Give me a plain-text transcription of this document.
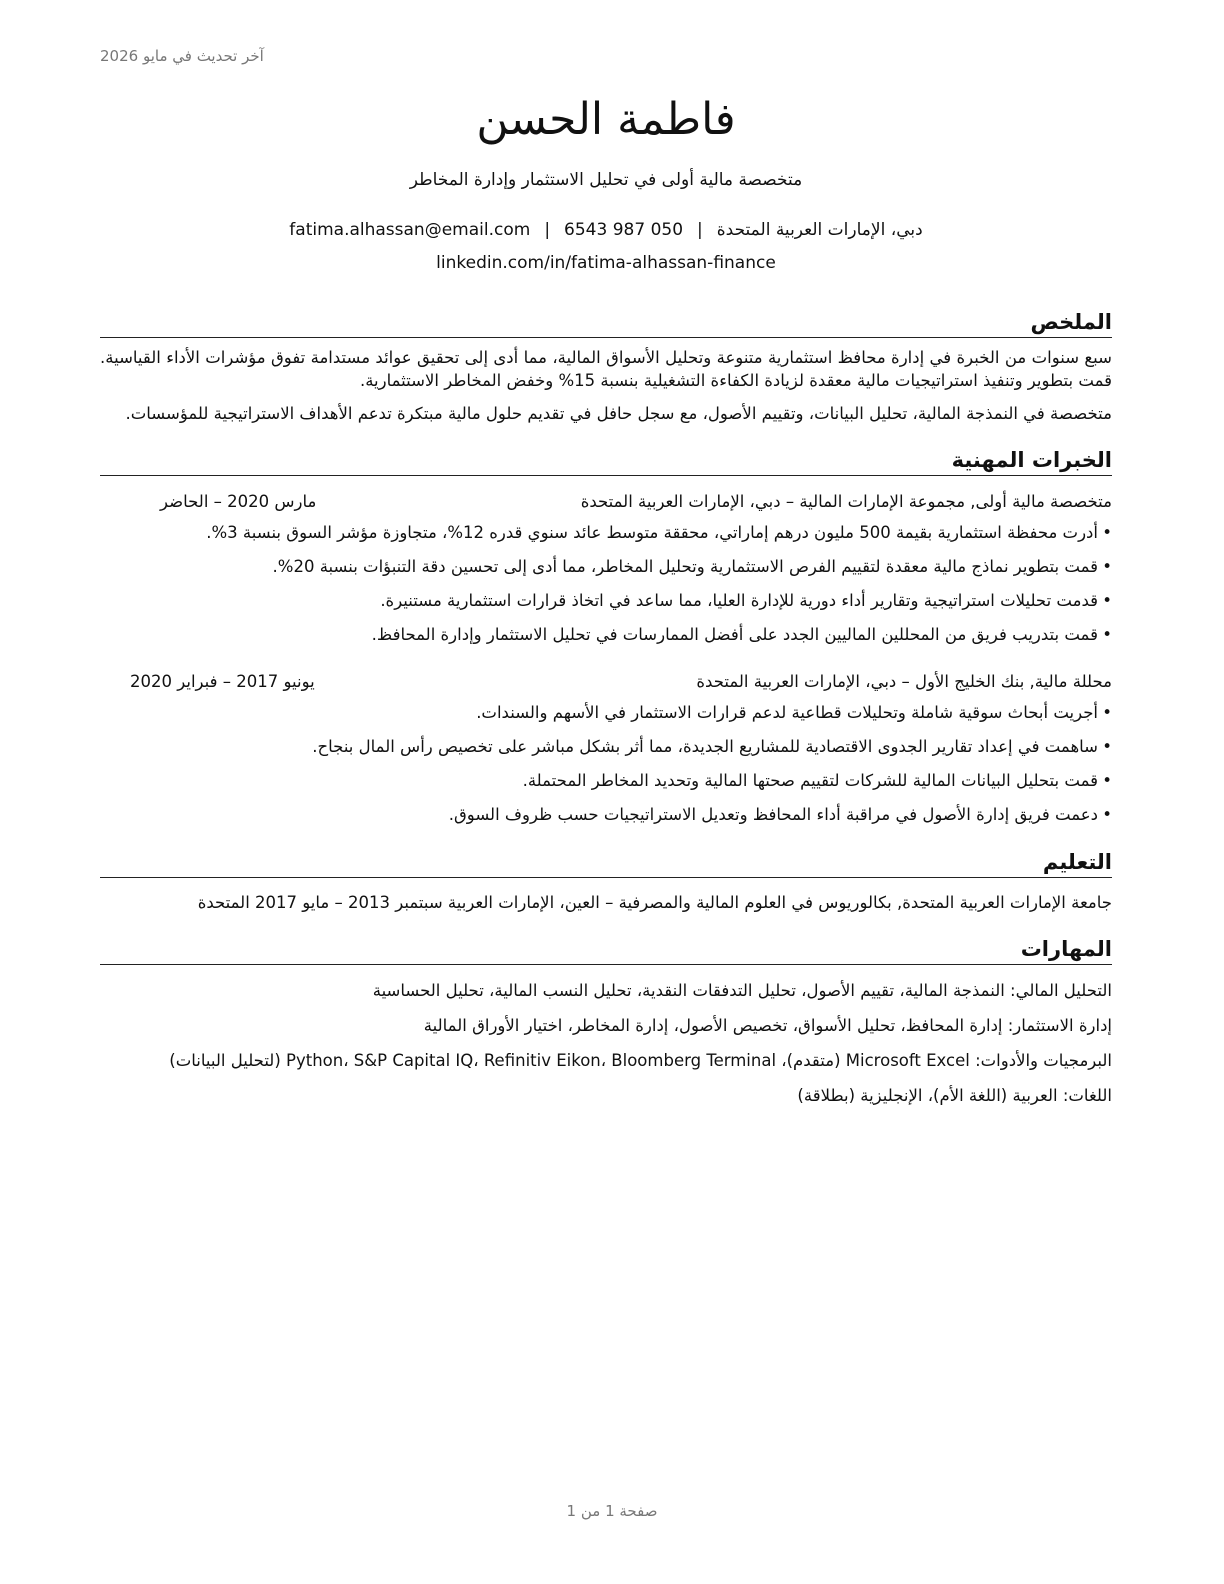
آخر تحديث في مايو 2026
فاطمة الحسن
متخصصة مالية أولى في تحليل الاستثمار وإدارة المخاطر
دبي، الإمارات العربية المتحدة|fatima.alhassan@email.com | 6543 987 050
linkedin.com/in/fatima-alhassan-finance
الملخص

سبع سنوات من الخبرة في إدارة محافظ استثمارية متنوعة وتحليل الأسواق المالية، مما أدى إلى تحقيق عوائد مستدامة تفوق مؤشرات الأداء القياسية. قمت بتطوير وتنفيذ استراتيجيات مالية معقدة لزيادة الكفاءة التشغيلية بنسبة 15% وخفض المخاطر الاستثمارية.

متخصصة في النمذجة المالية، تحليل البيانات، وتقييم الأصول، مع سجل حافل في تقديم حلول مالية مبتكرة تدعم الأهداف الاستراتيجية للمؤسسات.

الخبرات المهنية
متخصصة مالية أولى, مجموعة الإمارات المالية – دبي، الإمارات العربية المتحدة
مارس 2020 – الحاضر
•
أدرت محفظة استثمارية بقيمة 500 مليون درهم إماراتي، محققة متوسط عائد سنوي قدره 12%، متجاوزة مؤشر السوق بنسبة 3%.
•
قمت بتطوير نماذج مالية معقدة لتقييم الفرص الاستثمارية وتحليل المخاطر، مما أدى إلى تحسين دقة التنبؤات بنسبة 20%.
•
قدمت تحليلات استراتيجية وتقارير أداء دورية للإدارة العليا، مما ساعد في اتخاذ قرارات استثمارية مستنيرة.
•
قمت بتدريب فريق من المحللين الماليين الجدد على أفضل الممارسات في تحليل الاستثمار وإدارة المحافظ.
محللة مالية, بنك الخليج الأول – دبي، الإمارات العربية المتحدة
يونيو 2017 – فبراير 2020
•
أجريت أبحاث سوقية شاملة وتحليلات قطاعية لدعم قرارات الاستثمار في الأسهم والسندات.
•
ساهمت في إعداد تقارير الجدوى الاقتصادية للمشاريع الجديدة، مما أثر بشكل مباشر على تخصيص رأس المال بنجاح.
•
قمت بتحليل البيانات المالية للشركات لتقييم صحتها المالية وتحديد المخاطر المحتملة.
•
دعمت فريق إدارة الأصول في مراقبة أداء المحافظ وتعديل الاستراتيجيات حسب ظروف السوق.
التعليم

جامعة الإمارات العربية المتحدة, بكالوريوس في العلوم المالية والمصرفية – العين، الإمارات العربية سبتمبر 2013 – مايو 2017 المتحدة

المهارات

التحليل المالي: النمذجة المالية، تقييم الأصول، تحليل التدفقات النقدية، تحليل النسب المالية، تحليل الحساسية

إدارة الاستثمار: إدارة المحافظ، تحليل الأسواق، تخصيص الأصول، إدارة المخاطر، اختيار الأوراق المالية

البرمجيات والأدوات: Microsoft Excel (متقدم)، Python، S&P Capital IQ، Refinitiv Eikon، Bloomberg Terminal (لتحليل البيانات)

اللغات: العربية (اللغة الأم)، الإنجليزية (بطلاقة)

صفحة 1 من 1
